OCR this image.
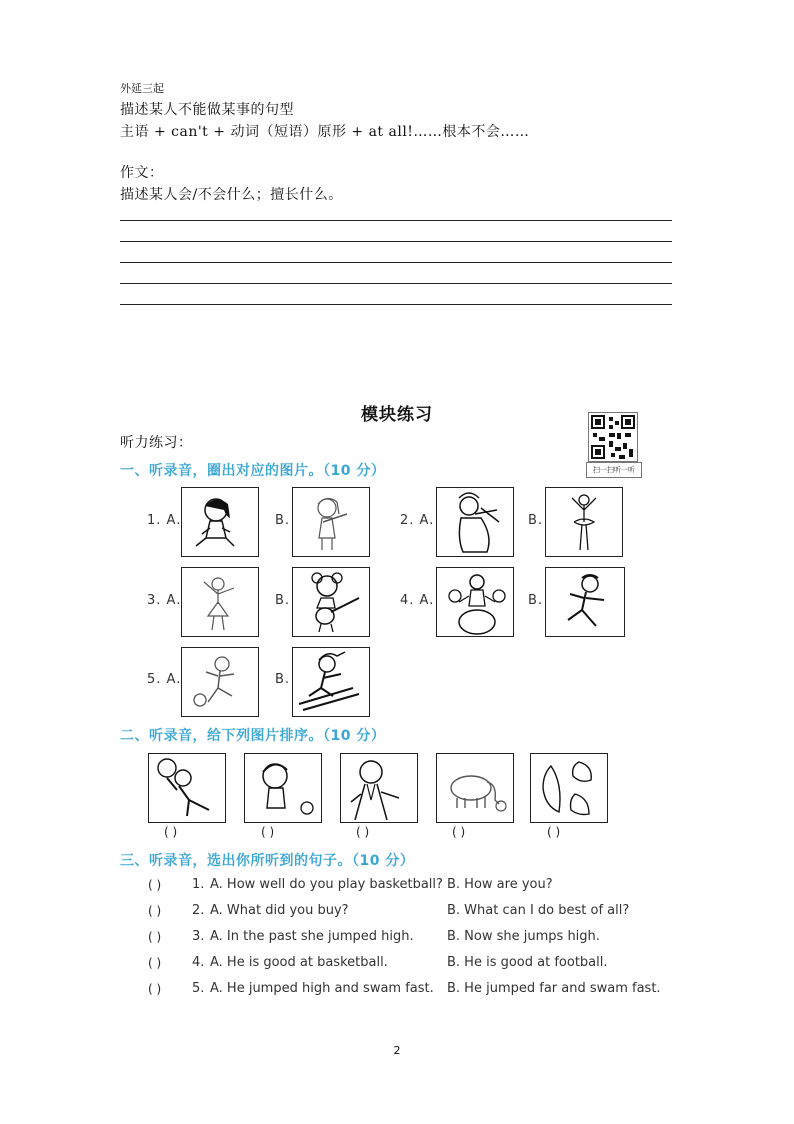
外延三起
描述某人不能做某事的句型
主语 + can't + 动词（短语）原形 + at all!……根本不会……
作文：
描述某人会/不会什么；擅长什么。
模块练习
听力练习：
扫一扫听一听
一、听录音，圈出对应的图片。（10 分）
1. A.	B.	2. A.	B.
3. A.	B.	4. A.	B.
5. A.	B.
二、听录音，给下列图片排序。（10 分）
( )	( )	( )	( )	( )
三、听录音，选出你所听到的句子。（10 分）
( ) 1. A. How well do you play basketball? B. How are you?
( ) 2. A. What did you buy?	B. What can I do best of all?
( ) 3. A. In the past she jumped high.	B. Now she jumps high.
( ) 4. A. He is good at basketball.	B. He is good at football.
( ) 5. A. He jumped high and swam fast. B. He jumped far and swam fast.
2
